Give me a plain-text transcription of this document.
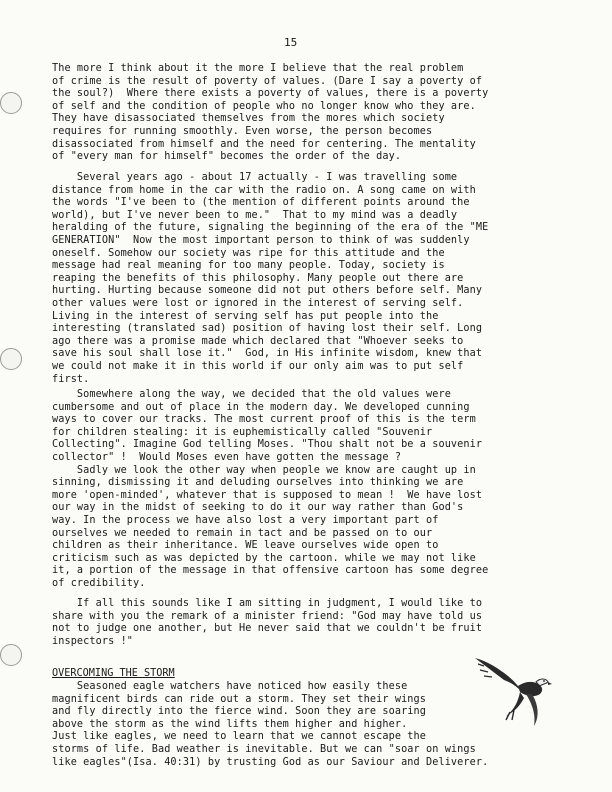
15
The more I think about it the more I believe that the real problem
of crime is the result of poverty of values. (Dare I say a poverty of
the soul?)  Where there exists a poverty of values, there is a poverty
of self and the condition of people who no longer know who they are.
They have disassociated themselves from the mores which society
requires for running smoothly. Even worse, the person becomes
disassociated from himself and the need for centering. The mentality
of "every man for himself" becomes the order of the day.
Several years ago - about 17 actually - I was travelling some
distance from home in the car with the radio on. A song came on with
the words "I've been to (the mention of different points around the
world), but I've never been to me."  That to my mind was a deadly
heralding of the future, signaling the beginning of the era of the "ME
GENERATION"  Now the most important person to think of was suddenly
oneself. Somehow our society was ripe for this attitude and the
message had real meaning for too many people. Today, society is
reaping the benefits of this philosophy. Many people out there are
hurting. Hurting because someone did not put others before self. Many
other values were lost or ignored in the interest of serving self.
Living in the interest of serving self has put people into the
interesting (translated sad) position of having lost their self. Long
ago there was a promise made which declared that "Whoever seeks to
save his soul shall lose it."  God, in His infinite wisdom, knew that
we could not make it in this world if our only aim was to put self
first.
Somewhere along the way, we decided that the old values were
cumbersome and out of place in the modern day. We developed cunning
ways to cover our tracks. The most current proof of this is the term
for children stealing: it is euphemistically called "Souvenir
Collecting". Imagine God telling Moses. "Thou shalt not be a souvenir
collector" !  Would Moses even have gotten the message ?
Sadly we look the other way when people we know are caught up in
sinning, dismissing it and deluding ourselves into thinking we are
more 'open-minded', whatever that is supposed to mean !  We have lost
our way in the midst of seeking to do it our way rather than God's
way. In the process we have also lost a very important part of
ourselves we needed to remain in tact and be passed on to our
children as their inheritance. WE leave ourselves wide open to
criticism such as was depicted by the cartoon. while we may not like
it, a portion of the message in that offensive cartoon has some degree
of credibility.
If all this sounds like I am sitting in judgment, I would like to
share with you the remark of a minister friend: "God may have told us
not to judge one another, but He never said that we couldn't be fruit
inspectors !"
OVERCOMING THE STORM
Seasoned eagle watchers have noticed how easily these
magnificent birds can ride out a storm. They set their wings
and fly directly into the fierce wind. Soon they are soaring
above the storm as the wind lifts them higher and higher.
Just like eagles, we need to learn that we cannot escape the
storms of life. Bad weather is inevitable. But we can "soar on wings
like eagles"(Isa. 40:31) by trusting God as our Saviour and Deliverer.
